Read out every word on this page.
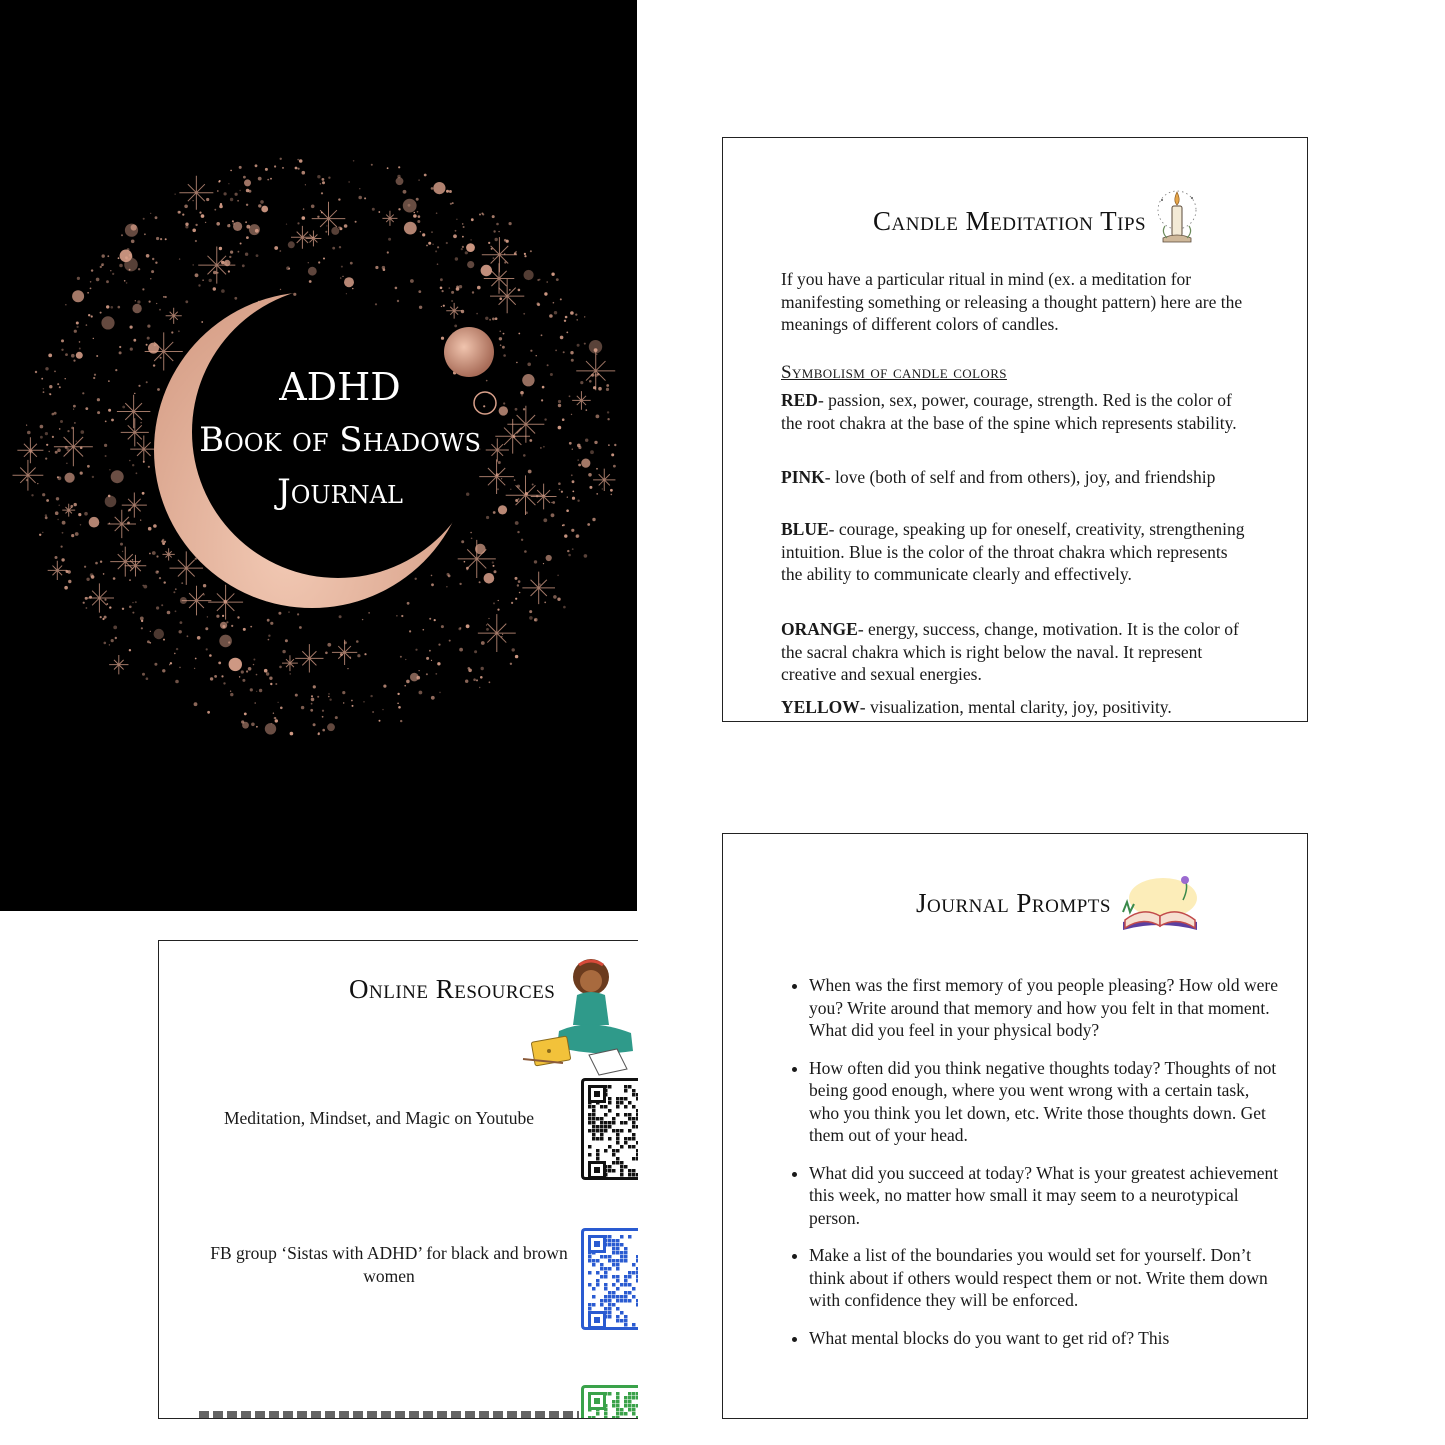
ADHD
Book of Shadows
Journal
Candle Meditation Tips
If you have a particular ritual in mind (ex. a meditation for manifesting something or releasing a thought pattern) here are the meanings of different colors of candles.
Symbolism of candle colors
RED- passion, sex, power, courage, strength. Red is the color of the root chakra at the base of the spine which represents stability.
PINK- love (both of self and from others), joy, and friendship
BLUE- courage, speaking up for oneself, creativity, strengthening intuition. Blue is the color of the throat chakra which represents the ability to communicate clearly and effectively.
ORANGE- energy, success, change, motivation. It is the color of the sacral chakra which is right below the naval. It represent creative and sexual energies.
YELLOW- visualization, mental clarity, joy, positivity.
Journal Prompts
• When was the first memory of you people pleasing? How old were you? Write around that memory and how you felt in that moment. What did you feel in your physical body?
• How often did you think negative thoughts today? Thoughts of not being good enough, where you went wrong with a certain task, who you think you let down, etc. Write those thoughts down. Get them out of your head.
• What did you succeed at today? What is your greatest achievement this week, no matter how small it may seem to a neurotypical person.
• Make a list of the boundaries you would set for yourself. Don’t think about if others would respect them or not. Write them down with confidence they will be enforced.
• What mental blocks do you want to get rid of? This
Online Resources
Meditation, Mindset, and Magic on Youtube
FB group ‘Sistas with ADHD’ for black and brown women
